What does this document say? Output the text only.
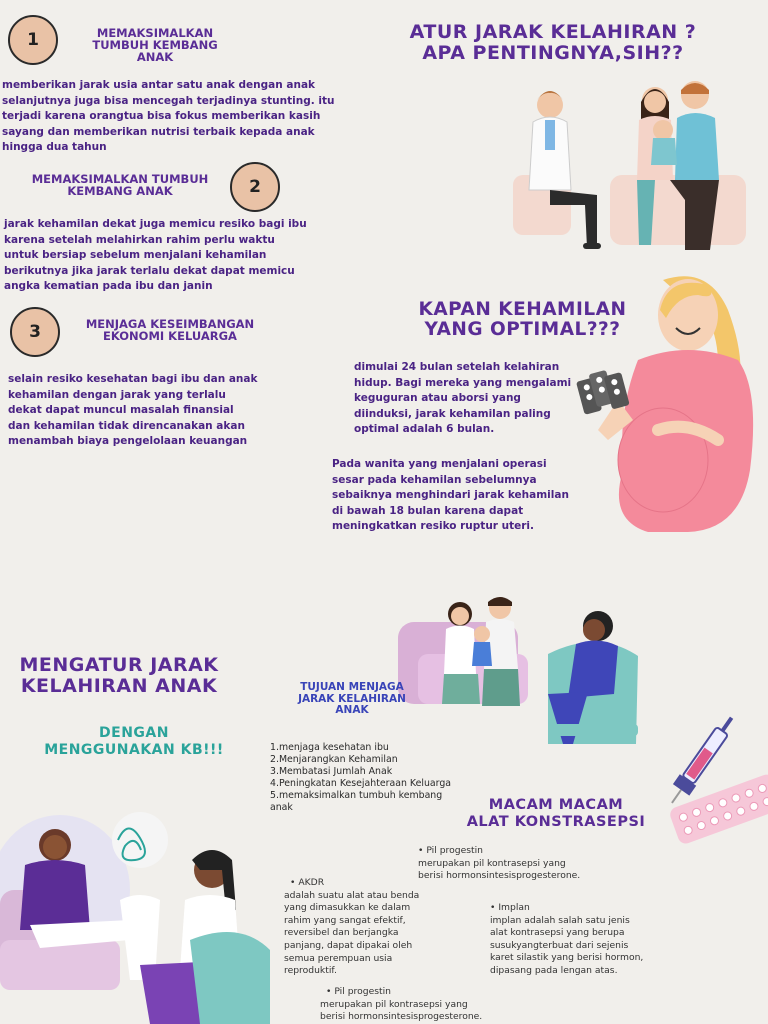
1	MEMAKSIMALKAN TUMBUH KEMBANG ANAK
memberikan jarak usia antar satu anak dengan anak selanjutnya juga bisa mencegah terjadinya stunting. itu terjadi karena orangtua bisa fokus memberikan kasih sayang dan memberikan nutrisi terbaik kepada anak hingga dua tahun
MEMAKSIMALKAN TUMBUH KEMBANG ANAK	2
jarak kehamilan dekat juga memicu resiko bagi ibu karena setelah melahirkan rahim perlu waktu untuk bersiap sebelum menjalani kehamilan berikutnya jika jarak terlalu dekat dapat memicu angka kematian pada ibu dan janin
3	MENJAGA KESEIMBANGAN EKONOMI KELUARGA
selain resiko kesehatan bagi ibu dan anak kehamilan dengan jarak yang terlalu dekat dapat muncul masalah finansial dan kehamilan tidak direncanakan akan menambah biaya pengelolaan keuangan
ATUR JARAK KELAHIRAN ? APA PENTINGNYA,SIH??
KAPAN KEHAMILAN YANG OPTIMAL???
dimulai 24 bulan setelah kelahiran hidup. Bagi mereka yang mengalami keguguran atau aborsi yang diinduksi, jarak kehamilan paling optimal adalah 6 bulan.
Pada wanita yang menjalani operasi sesar pada kehamilan sebelumnya sebaiknya menghindari jarak kehamilan di bawah 18 bulan karena dapat meningkatkan resiko ruptur uteri.
MENGATUR JARAK KELAHIRAN ANAK
DENGAN MENGGUNAKAN KB!!!
TUJUAN MENJAGA JARAK KELAHIRAN ANAK
1.menjaga kesehatan ibu
2.Menjarangkan Kehamilan
3.Membatasi Jumlah Anak
4.Peningkatan Kesejahteraan Keluarga
5.memaksimalkan tumbuh kembang anak	MACAM MACAM ALAT KONSTRASEPSI
• Pil progestin
merupakan pil kontrasepsi yang berisi hormonsintesisprogesterone.
• AKDR
adalah suatu alat atau benda yang dimasukkan ke dalam rahim yang sangat efektif, reversibel dan berjangka panjang, dapat dipakai oleh semua perempuan usia reproduktif.
• Implan
implan adalah salah satu jenis alat kontrasepsi yang berupa susukyangterbuat dari sejenis karet silastik yang berisi hormon, dipasang pada lengan atas.
• Pil progestin
merupakan pil kontrasepsi yang berisi hormonsintesisprogesterone.
